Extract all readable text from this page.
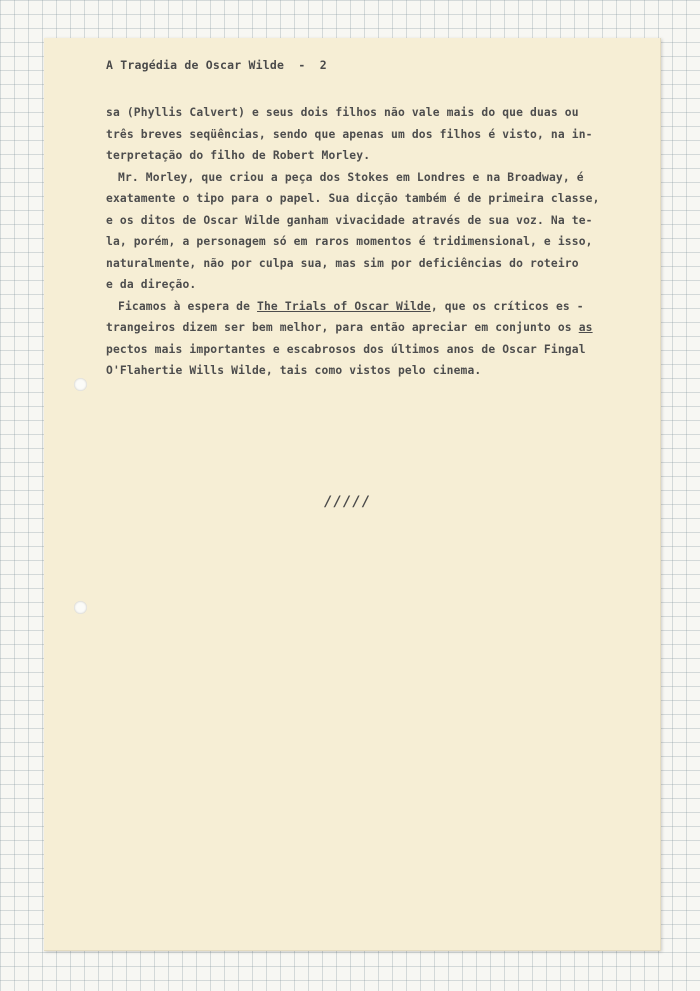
A Tragédia de Oscar Wilde  -  2
sa (Phyllis Calvert) e seus dois filhos não vale mais do que duas ou
três breves seqüências, sendo que apenas um dos filhos é visto, na in-
terpretação do filho de Robert Morley.
Mr. Morley, que criou a peça dos Stokes em Londres e na Broadway, é
exatamente o tipo para o papel. Sua dicção também é de primeira classe,
e os ditos de Oscar Wilde ganham vivacidade através de sua voz. Na te-
la, porém, a personagem só em raros momentos é tridimensional, e isso,
naturalmente, não por culpa sua, mas sim por deficiências do roteiro
e da direção.
Ficamos à espera de The Trials of Oscar Wilde, que os críticos es -
trangeiros dizem ser bem melhor, para então apreciar em conjunto os as
pectos mais importantes e escabrosos dos últimos anos de Oscar Fingal
O'Flahertie Wills Wilde, tais como vistos pelo cinema.
/////
